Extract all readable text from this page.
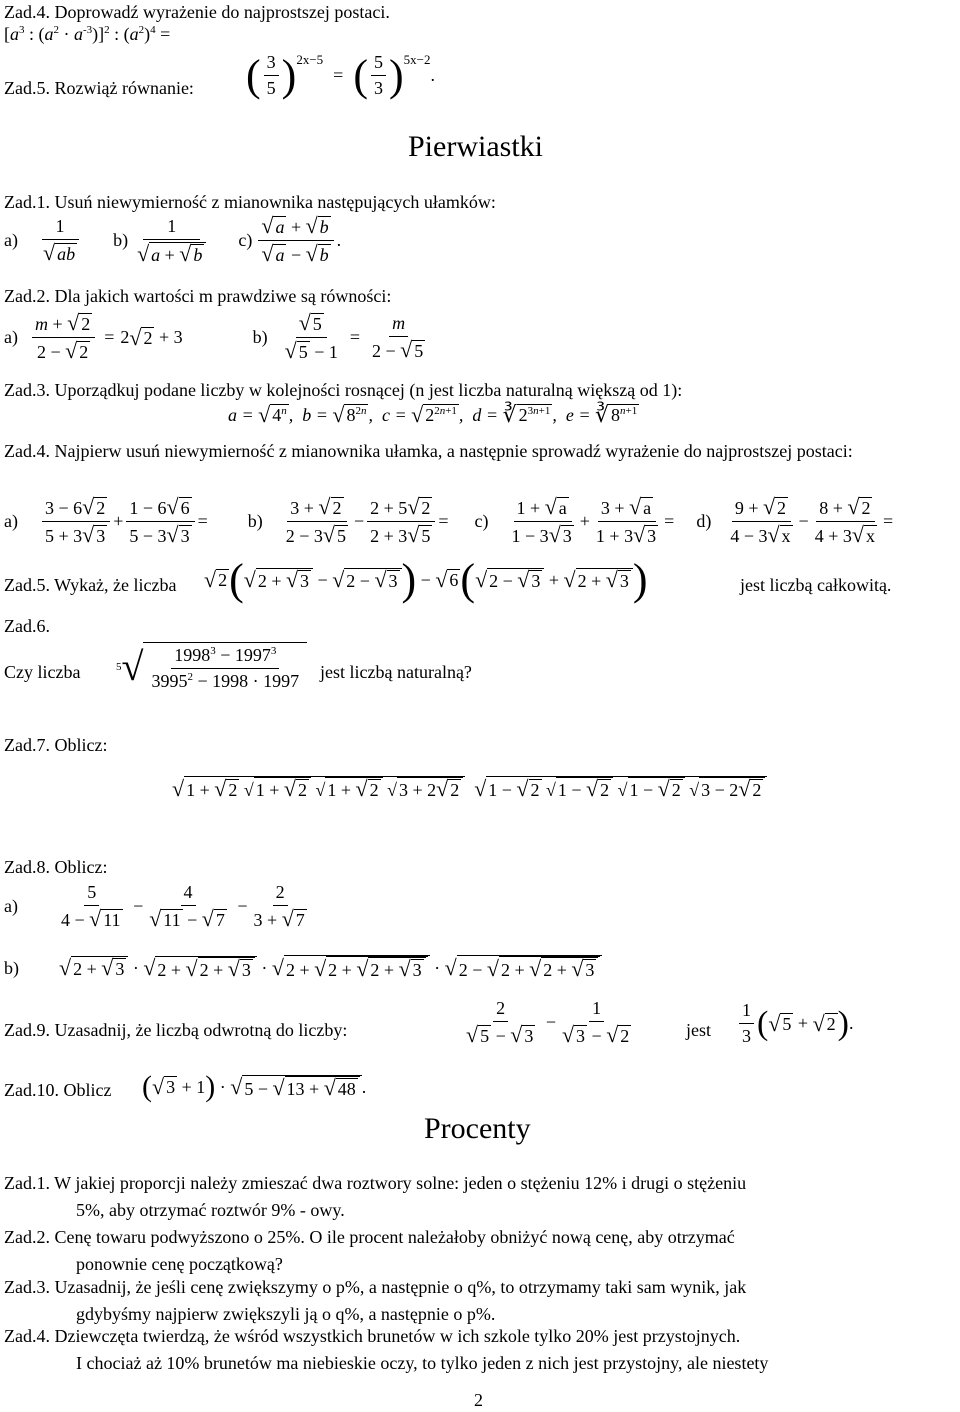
Zad.4. Doprowadź wyrażenie do najprostszej postaci.
[$a^3$ : $(a^2 \cdot a^{-3})]^2$ : $(a^2)^4$ =
Zad.5. Rozwiąż równanie: ( $\frac{3}{5} )^{2x-5}$
= ( $\frac{5}{3} )^{5x-2}$
.
Pierwiastki
Zad.1. Usuń niewymierność z mianownika następujących ułamków:
$a) \frac{1}{√ ab} b) \frac{1}{√ a + √ b} c) \frac{√ a + √ b}{√ a - √ b}$ .
Zad.2. Dla jakich wartości m prawdziwe są równości:
$a) \frac{m + √ 2}{2 - √ 2} = 2$ √ 2 + 3	$b) \frac{√ 5}{√ 5 - 1} = \frac{m}{2 - √ 5}$
Zad.3. Uporządkuj podane liczby w kolejności rosnącej (n jest liczba naturalną większą od 1):
a = √ 4$^n$ , b = √ $8^{2n}$ , c = √ $2^{2n+1}$ , d = ∛ $2^{3n+1}$ , e = ∛ $8^{n+1}$
Zad.4. Najpierw usuń niewymierność z mianownika ułamka, a następnie sprowadź wyrażenie do najprostszej postaci:
$a) \frac{3 - 6√ 2}{5 + 3√ 3} + \frac{1 - 6√ 6}{5 - 3√ 3} = b) \frac{3 + √ 2}{2 - 3√ 5} - \frac{2 + 5√ 2}{2 + 3√ 5} = c) \frac{1 + √ a}{1 - 3√ 3} + \frac{3 + √ a}{1 + 3√ 3} = d) \frac{9 + √ 2}{4 - 3√ x} - \frac{8 + √ 2}{4 + 3√ x}$ =
Zad.5. Wykaż, że liczba √ 2 ( √ 2 + √ 3 − √ 2 − √ 3 ) − √ 6 ( √ 2 − √ 3 + √ 2 + √ 3 )	jest liczbą całkowitą.
Zad.6.
Czy liczba	5 √ $\frac{1998^3 - 1997^3}{3995^2 - 1998 \cdot 1997}$ jest liczbą naturalną?
Zad.7. Oblicz:
√ 1 + √ 2 √ 1 + √ 2 √ 1 + √ 2 √ 3 + 2√ 2
√ 1 − √ 2 √ 1 − √ 2 √ 1 − √ 2 √ 3 − 2√ 2
Zad.8. Oblicz:
$a) \frac{5}{4 - √ 11} - \frac{4}{√ 11 - √ 7} - \frac{2}{3 + √ 7}$
b) √ 2 + √ 3 · √ 2 + √ 2 + √ 3 · √ 2 + √ 2 + √ 2 + √ 3 · √ 2 − √ 2 + √ 2 + √ 3
Zad.9. Uzasadnij, że liczbą odwrotną do liczby:	$\frac{2}{√ 5 - √ 3} - \frac{1}{√ 3 - √ 2}$	jest $\frac{1}{3}$ ( √ 5 + √ 2 ) .
Zad.10. Oblicz ( √ 3 + 1 ) · √ 5 − √ 13 + √ 48 .
Procenty
Zad.1. W jakiej proporcji należy zmieszać dwa roztwory solne: jeden o stężeniu 12% i drugi o stężeniu
5%, aby otrzymać roztwór 9% - owy.
Zad.2. Cenę towaru podwyższono o 25%. O ile procent należałoby obniżyć nową cenę, aby otrzymać
ponownie cenę początkową?
Zad.3. Uzasadnij, że jeśli cenę zwiększymy o p%, a następnie o q%, to otrzymamy taki sam wynik, jak
gdybyśmy najpierw zwiększyli ją o q%, a następnie o p%.
Zad.4. Dziewczęta twierdzą, że wśród wszystkich brunetów w ich szkole tylko 20% jest przystojnych.
I chociaż aż 10% brunetów ma niebieskie oczy, to tylko jeden z nich jest przystojny, ale niestety
2
